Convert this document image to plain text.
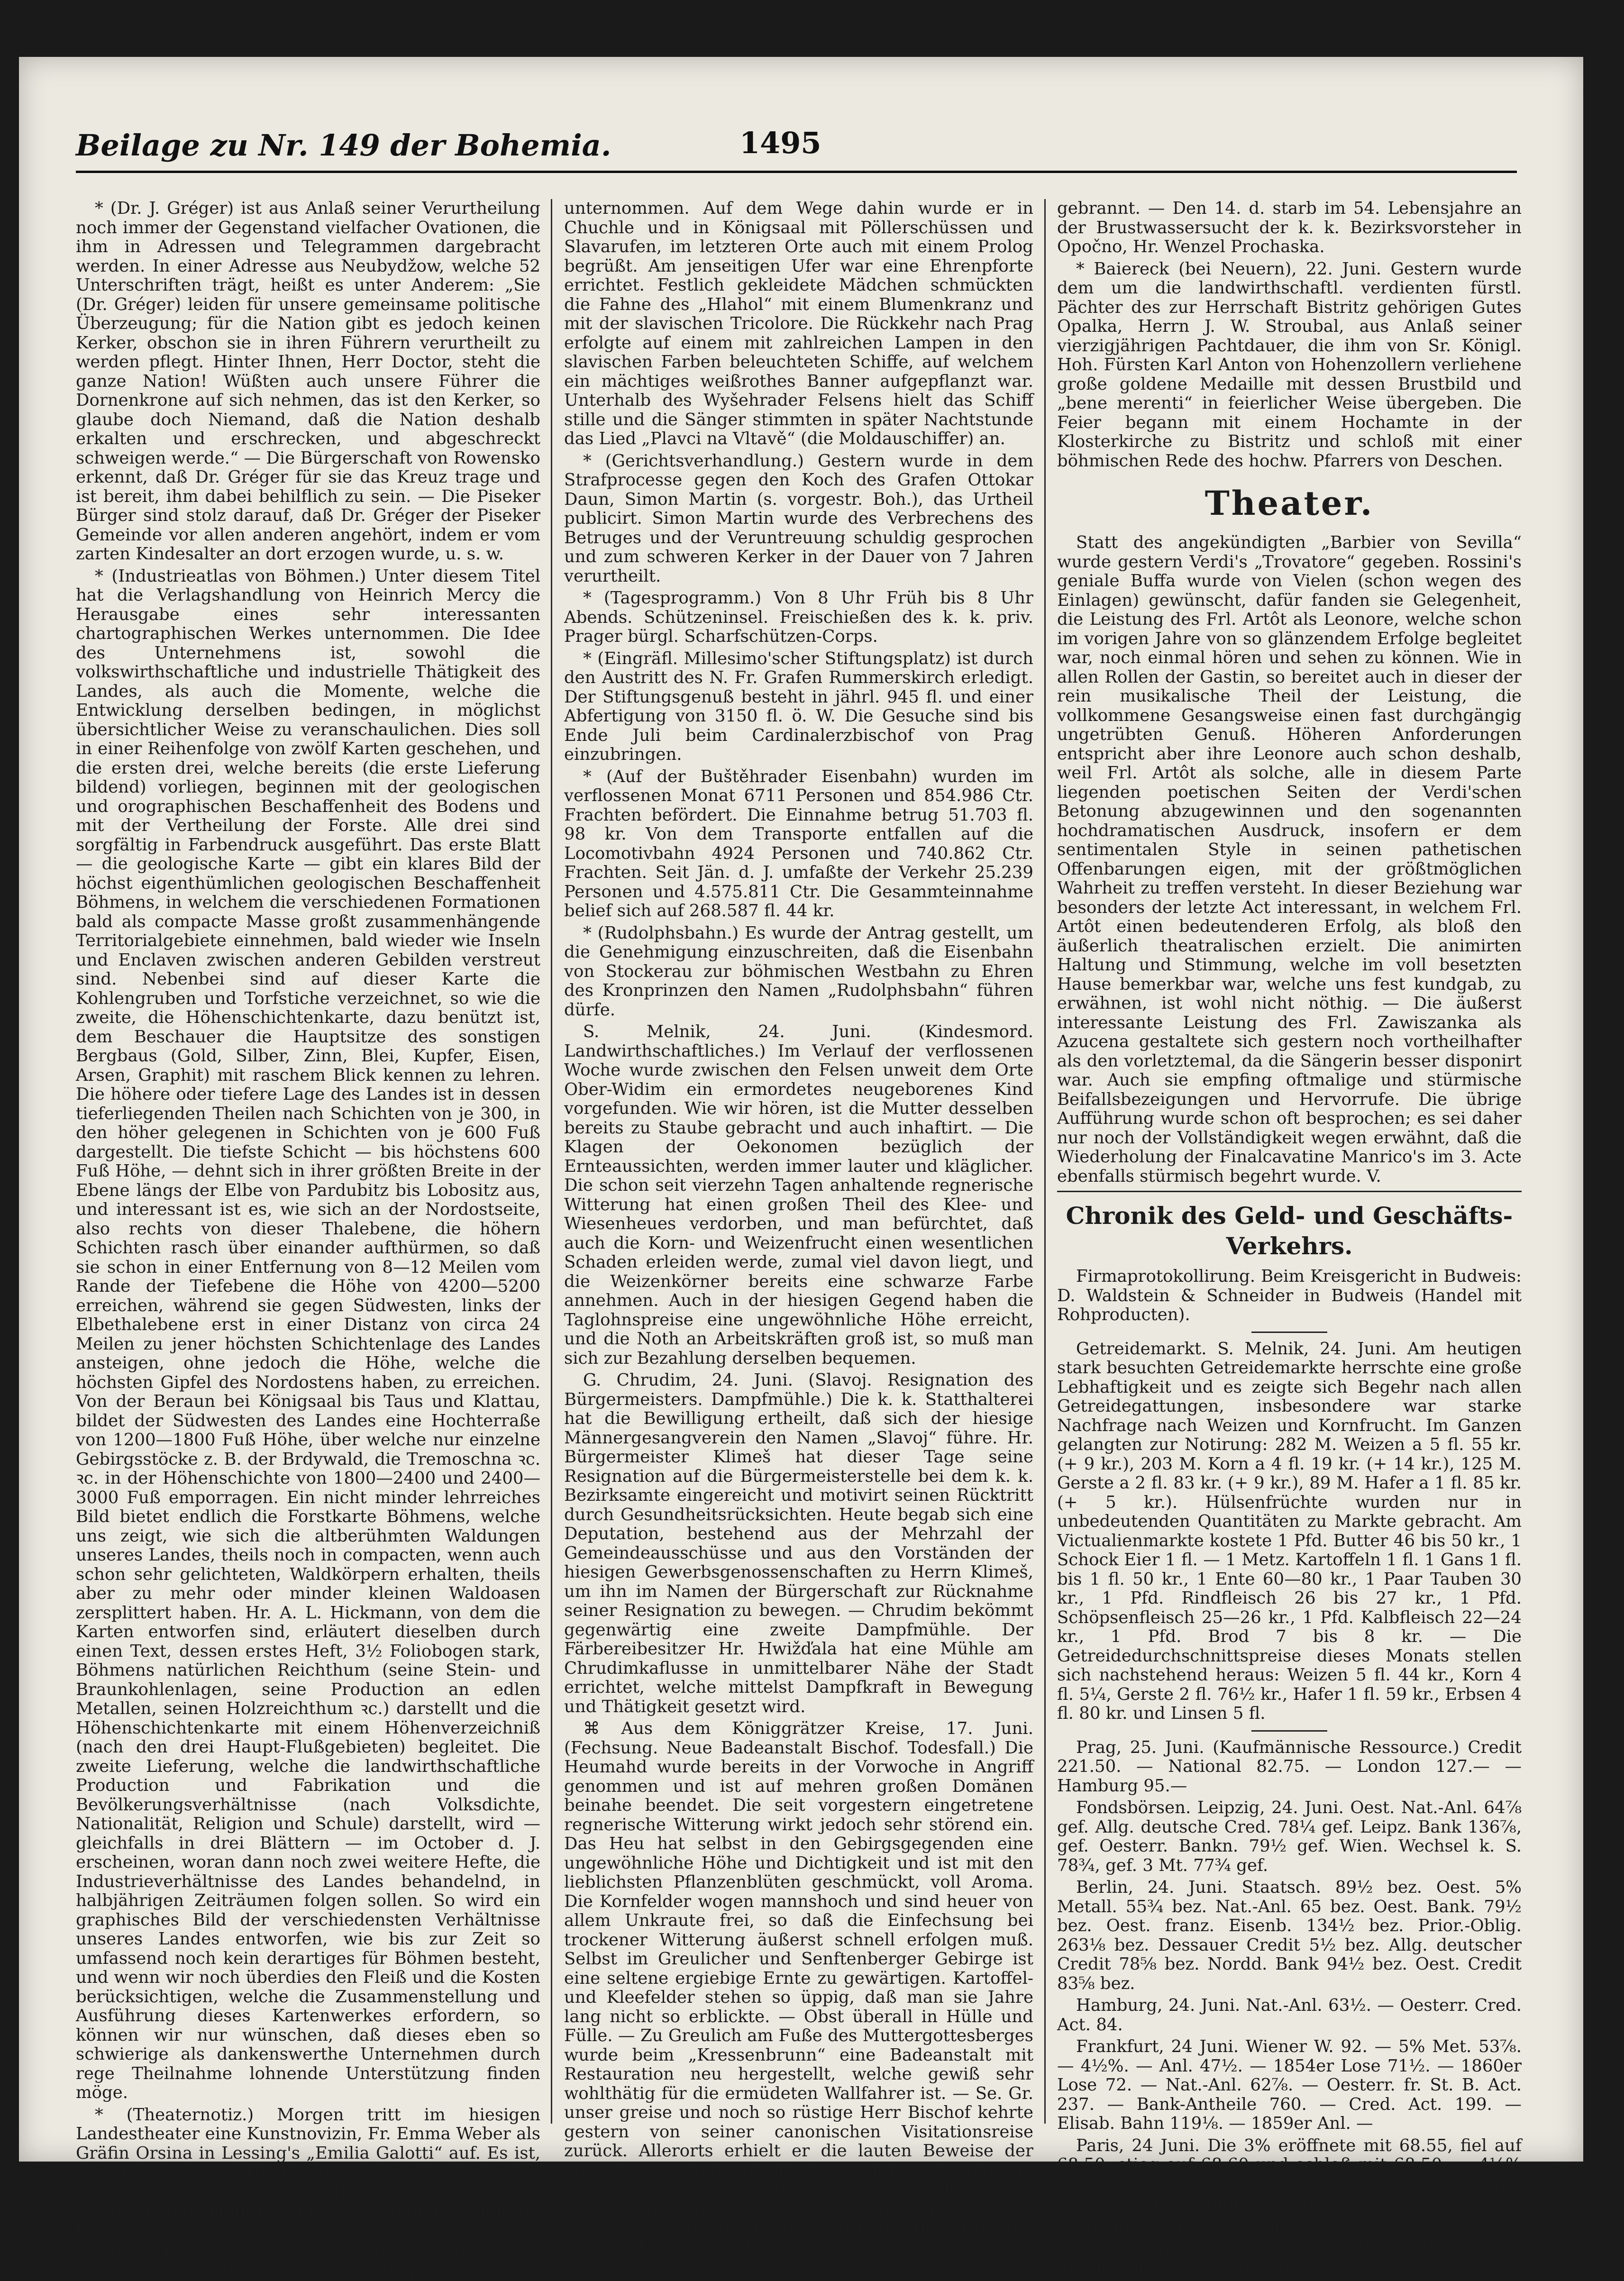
Beilage zu Nr. 149 der Bohemia.	1495

* (Dr. J. Gréger) ist aus Anlaß seiner Verurtheilung noch immer der Gegenstand vielfacher Ovationen, die ihm in Adressen und Telegrammen dargebracht werden. In einer Adresse aus Neubydžow, welche 52 Unterschriften trägt, heißt es unter Anderem: „Sie (Dr. Gréger) leiden für unsere gemeinsame politische Überzeugung; für die Nation gibt es jedoch keinen Kerker, obschon sie in ihren Führern verurtheilt zu werden pflegt. Hinter Ihnen, Herr Doctor, steht die ganze Nation! Wüßten auch unsere Führer die Dornenkrone auf sich nehmen, das ist den Kerker, so glaube doch Niemand, daß die Nation deshalb erkalten und erschrecken, und abgeschreckt schweigen werde.“ — Die Bürgerschaft von Rowensko erkennt, daß Dr. Gréger für sie das Kreuz trage und ist bereit, ihm dabei behilflich zu sein. — Die Piseker Bürger sind stolz darauf, daß Dr. Gréger der Piseker Gemeinde vor allen anderen angehört, indem er vom zarten Kindesalter an dort erzogen wurde, u. s. w.

* (Industrieatlas von Böhmen.) Unter diesem Titel hat die Verlagshandlung von Heinrich Mercy die Herausgabe eines sehr interessanten chartographischen Werkes unternommen. Die Idee des Unternehmens ist, sowohl die volkswirthschaftliche und industrielle Thätigkeit des Landes, als auch die Momente, welche die Entwicklung derselben bedingen, in möglichst übersichtlicher Weise zu veranschaulichen. Dies soll in einer Reihenfolge von zwölf Karten geschehen, und die ersten drei, welche bereits (die erste Lieferung bildend) vorliegen, beginnen mit der geologischen und orographischen Beschaffenheit des Bodens und mit der Vertheilung der Forste. Alle drei sind sorgfältig in Farbendruck ausgeführt. Das erste Blatt — die geologische Karte — gibt ein klares Bild der höchst eigenthümlichen geologischen Beschaffenheit Böhmens, in welchem die verschiedenen Formationen bald als compacte Masse großt zusammenhängende Territorialgebiete einnehmen, bald wieder wie Inseln und Enclaven zwischen anderen Gebilden verstreut sind. Nebenbei sind auf dieser Karte die Kohlengruben und Torfstiche verzeichnet, so wie die zweite, die Höhenschichtenkarte, dazu benützt ist, dem Beschauer die Hauptsitze des sonstigen Bergbaus (Gold, Silber, Zinn, Blei, Kupfer, Eisen, Arsen, Graphit) mit raschem Blick kennen zu lehren. Die höhere oder tiefere Lage des Landes ist in dessen tieferliegenden Theilen nach Schichten von je 300, in den höher gelegenen in Schichten von je 600 Fuß dargestellt. Die tiefste Schicht — bis höchstens 600 Fuß Höhe, — dehnt sich in ihrer größten Breite in der Ebene längs der Elbe von Pardubitz bis Lobositz aus, und interessant ist es, wie sich an der Nordostseite, also rechts von dieser Thalebene, die höhern Schichten rasch über einander aufthürmen, so daß sie schon in einer Entfernung von 8—12 Meilen vom Rande der Tiefebene die Höhe von 4200—5200 erreichen, während sie gegen Südwesten, links der Elbethalebene erst in einer Distanz von circa 24 Meilen zu jener höchsten Schichtenlage des Landes ansteigen, ohne jedoch die Höhe, welche die höchsten Gipfel des Nordostens haben, zu erreichen. Von der Beraun bei Königsaal bis Taus und Klattau, bildet der Südwesten des Landes eine Hochterraße von 1200—1800 Fuß Höhe, über welche nur einzelne Gebirgsstöcke z. B. der Brdywald, die Tremoschna ꝛc. ꝛc. in der Höhenschichte von 1800—2400 und 2400—3000 Fuß emporragen. Ein nicht minder lehrreiches Bild bietet endlich die Forstkarte Böhmens, welche uns zeigt, wie sich die altberühmten Waldungen unseres Landes, theils noch in compacten, wenn auch schon sehr gelichteten, Waldkörpern erhalten, theils aber zu mehr oder minder kleinen Waldoasen zersplittert haben. Hr. A. L. Hickmann, von dem die Karten entworfen sind, erläutert dieselben durch einen Text, dessen erstes Heft, 3½ Foliobogen stark, Böhmens natürlichen Reichthum (seine Stein- und Braunkohlenlagen, seine Production an edlen Metallen, seinen Holzreichthum ꝛc.) darstellt und die Höhenschichtenkarte mit einem Höhenverzeichniß (nach den drei Haupt-Flußgebieten) begleitet. Die zweite Lieferung, welche die landwirthschaftliche Production und Fabrikation und die Bevölkerungsverhältnisse (nach Volksdichte, Nationalität, Religion und Schule) darstellt, wird — gleichfalls in drei Blättern — im October d. J. erscheinen, woran dann noch zwei weitere Hefte, die Industrieverhältnisse des Landes behandelnd, in halbjährigen Zeiträumen folgen sollen. So wird ein graphisches Bild der verschiedensten Verhältnisse unseres Landes entworfen, wie bis zur Zeit so umfassend noch kein derartiges für Böhmen besteht, und wenn wir noch überdies den Fleiß und die Kosten berücksichtigen, welche die Zusammenstellung und Ausführung dieses Kartenwerkes erfordern, so können wir nur wünschen, daß dieses eben so schwierige als dankenswerthe Unternehmen durch rege Theilnahme lohnende Unterstützung finden möge.

* (Theaternotiz.) Morgen tritt im hiesigen Landestheater eine Kunstnovizin, Fr. Emma Weber als Gräfin Orsina in Lessing's „Emilia Galotti“ auf. Es ist, wie man uns mittheilt, ihr erster theatralischer Versuch. Sie wird gegenwärtig nur dieses einemal auftreten und allenfalls im Herbste zu einem längeren Gastspiele nach Prag zurückkehren.

* (Der „Hlahol“) hat am verwichenen Sonntag trotz der ungünstigen Witterung den Ausflug nach Zawist

unternommen. Auf dem Wege dahin wurde er in Chuchle und in Königsaal mit Pöllerschüssen und Slavarufen, im letzteren Orte auch mit einem Prolog begrüßt. Am jenseitigen Ufer war eine Ehrenpforte errichtet. Festlich gekleidete Mädchen schmückten die Fahne des „Hlahol“ mit einem Blumenkranz und mit der slavischen Tricolore. Die Rückkehr nach Prag erfolgte auf einem mit zahlreichen Lampen in den slavischen Farben beleuchteten Schiffe, auf welchem ein mächtiges weißrothes Banner aufgepflanzt war. Unterhalb des Wyšehrader Felsens hielt das Schiff stille und die Sänger stimmten in später Nachtstunde das Lied „Plavci na Vltavě“ (die Moldauschiffer) an.

* (Gerichtsverhandlung.) Gestern wurde in dem Strafprocesse gegen den Koch des Grafen Ottokar Daun, Simon Martin (s. vorgestr. Boh.), das Urtheil publicirt. Simon Martin wurde des Verbrechens des Betruges und der Veruntreuung schuldig gesprochen und zum schweren Kerker in der Dauer von 7 Jahren verurtheilt.

* (Tagesprogramm.) Von 8 Uhr Früh bis 8 Uhr Abends. Schützeninsel. Freischießen des k. k. priv. Prager bürgl. Scharfschützen-Corps.

* (Eingräfl. Millesimo'scher Stiftungsplatz) ist durch den Austritt des N. Fr. Grafen Rummerskirch erledigt. Der Stiftungsgenuß besteht in jährl. 945 fl. und einer Abfertigung von 3150 fl. ö. W. Die Gesuche sind bis Ende Juli beim Cardinalerzbischof von Prag einzubringen.

* (Auf der Buštěhrader Eisenbahn) wurden im verflossenen Monat 6711 Personen und 854.986 Ctr. Frachten befördert. Die Einnahme betrug 51.703 fl. 98 kr. Von dem Transporte entfallen auf die Locomotivbahn 4924 Personen und 740.862 Ctr. Frachten. Seit Jän. d. J. umfaßte der Verkehr 25.239 Personen und 4.575.811 Ctr. Die Gesammteinnahme belief sich auf 268.587 fl. 44 kr.

* (Rudolphsbahn.) Es wurde der Antrag gestellt, um die Genehmigung einzuschreiten, daß die Eisenbahn von Stockerau zur böhmischen Westbahn zu Ehren des Kronprinzen den Namen „Rudolphsbahn“ führen dürfe.

S. Melnik, 24. Juni. (Kindesmord. Landwirthschaftliches.) Im Verlauf der verflossenen Woche wurde zwischen den Felsen unweit dem Orte Ober-Widim ein ermordetes neugeborenes Kind vorgefunden. Wie wir hören, ist die Mutter desselben bereits zu Staube gebracht und auch inhaftirt. — Die Klagen der Oekonomen bezüglich der Ernteaussichten, werden immer lauter und kläglicher. Die schon seit vierzehn Tagen anhaltende regnerische Witterung hat einen großen Theil des Klee- und Wiesenheues verdorben, und man befürchtet, daß auch die Korn- und Weizenfrucht einen wesentlichen Schaden erleiden werde, zumal viel davon liegt, und die Weizenkörner bereits eine schwarze Farbe annehmen. Auch in der hiesigen Gegend haben die Taglohnspreise eine ungewöhnliche Höhe erreicht, und die Noth an Arbeitskräften groß ist, so muß man sich zur Bezahlung derselben bequemen.

G. Chrudim, 24. Juni. (Slavoj. Resignation des Bürgermeisters. Dampfmühle.) Die k. k. Statthalterei hat die Bewilligung ertheilt, daß sich der hiesige Männergesangverein den Namen „Slavoj“ führe. Hr. Bürgermeister Klimeš hat dieser Tage seine Resignation auf die Bürgermeisterstelle bei dem k. k. Bezirksamte eingereicht und motivirt seinen Rücktritt durch Gesundheitsrücksichten. Heute begab sich eine Deputation, bestehend aus der Mehrzahl der Gemeindeausschüsse und aus den Vorständen der hiesigen Gewerbsgenossenschaften zu Herrn Klimeš, um ihn im Namen der Bürgerschaft zur Rücknahme seiner Resignation zu bewegen. — Chrudim bekömmt gegenwärtig eine zweite Dampfmühle. Der Färbereibesitzer Hr. Hwižďala hat eine Mühle am Chrudimkaflusse in unmittelbarer Nähe der Stadt errichtet, welche mittelst Dampfkraft in Bewegung und Thätigkeit gesetzt wird.

⌘ Aus dem Königgrätzer Kreise, 17. Juni. (Fechsung. Neue Badeanstalt Bischof. Todesfall.) Die Heumahd wurde bereits in der Vorwoche in Angriff genommen und ist auf mehren großen Domänen beinahe beendet. Die seit vorgestern eingetretene regnerische Witterung wirkt jedoch sehr störend ein. Das Heu hat selbst in den Gebirgsgegenden eine ungewöhnliche Höhe und Dichtigkeit und ist mit den lieblichsten Pflanzenblüten geschmückt, voll Aroma. Die Kornfelder wogen mannshoch und sind heuer von allem Unkraute frei, so daß die Einfechsung bei trockener Witterung äußerst schnell erfolgen muß. Selbst im Greulicher und Senftenberger Gebirge ist eine seltene ergiebige Ernte zu gewärtigen. Kartoffel- und Kleefelder stehen so üppig, daß man sie Jahre lang nicht so erblickte. — Obst überall in Hülle und Fülle. — Zu Greulich am Fuße des Muttergottesberges wurde beim „Kressenbrunn“ eine Badeanstalt mit Restauration neu hergestellt, welche gewiß sehr wohlthätig für die ermüdeten Wallfahrer ist. — Se. Gr. unser greise und noch so rüstige Herr Bischof kehrte gestern von seiner canonischen Visitationsreise zurück. Allerorts erhielt er die lauten Beweise der innigsten Anhänglichkeit und Verehrung. Gesangsvereine brachten ihm Ständchen dar, Illuminationen fanden statt, Transparente prangten im Farbenglanz, in der Festung Josephstadt wurde ein schönes Feuerwerk ab-

gebrannt. — Den 14. d. starb im 54. Lebensjahre an der Brustwassersucht der k. k. Bezirksvorsteher in Opočno, Hr. Wenzel Prochaska.

* Baiereck (bei Neuern), 22. Juni. Gestern wurde dem um die landwirthschaftl. verdienten fürstl. Pächter des zur Herrschaft Bistritz gehörigen Gutes Opalka, Herrn J. W. Stroubal, aus Anlaß seiner vierzigjährigen Pachtdauer, die ihm von Sr. Königl. Hoh. Fürsten Karl Anton von Hohenzollern verliehene große goldene Medaille mit dessen Brustbild und „bene merenti“ in feierlicher Weise übergeben. Die Feier begann mit einem Hochamte in der Klosterkirche zu Bistritz und schloß mit einer böhmischen Rede des hochw. Pfarrers von Deschen.

Theater.

Statt des angekündigten „Barbier von Sevilla“ wurde gestern Verdi's „Trovatore“ gegeben. Rossini's geniale Buffa wurde von Vielen (schon wegen des Einlagen) gewünscht, dafür fanden sie Gelegenheit, die Leistung des Frl. Artôt als Leonore, welche schon im vorigen Jahre von so glänzendem Erfolge begleitet war, noch einmal hören und sehen zu können. Wie in allen Rollen der Gastin, so bereitet auch in dieser der rein musikalische Theil der Leistung, die vollkommene Gesangsweise einen fast durchgängig ungetrübten Genuß. Höheren Anforderungen entspricht aber ihre Leonore auch schon deshalb, weil Frl. Artôt als solche, alle in diesem Parte liegenden poetischen Seiten der Verdi'schen Betonung abzugewinnen und den sogenannten hochdramatischen Ausdruck, insofern er dem sentimentalen Style in seinen pathetischen Offenbarungen eigen, mit der größtmöglichen Wahrheit zu treffen versteht. In dieser Beziehung war besonders der letzte Act interessant, in welchem Frl. Artôt einen bedeutenderen Erfolg, als bloß den äußerlich theatralischen erzielt. Die animirten Haltung und Stimmung, welche im voll besetzten Hause bemerkbar war, welche uns fest kundgab, zu erwähnen, ist wohl nicht nöthig. — Die äußerst interessante Leistung des Frl. Zawiszanka als Azucena gestaltete sich gestern noch vortheilhafter als den vorletztemal, da die Sängerin besser disponirt war. Auch sie empfing oftmalige und stürmische Beifallsbezeigungen und Hervorrufe. Die übrige Aufführung wurde schon oft besprochen; es sei daher nur noch der Vollständigkeit wegen erwähnt, daß die Wiederholung der Finalcavatine Manrico's im 3. Acte ebenfalls stürmisch begehrt wurde. V.

Chronik des Geld- und Geschäfts-Verkehrs.

Firmaprotokollirung. Beim Kreisgericht in Budweis: D. Waldstein & Schneider in Budweis (Handel mit Rohproducten).

Getreidemarkt. S. Melnik, 24. Juni. Am heutigen stark besuchten Getreidemarkte herrschte eine große Lebhaftigkeit und es zeigte sich Begehr nach allen Getreidegattungen, insbesondere war starke Nachfrage nach Weizen und Kornfrucht. Im Ganzen gelangten zur Notirung: 282 M. Weizen a 5 fl. 55 kr. (+ 9 kr.), 203 M. Korn a 4 fl. 19 kr. (+ 14 kr.), 125 M. Gerste a 2 fl. 83 kr. (+ 9 kr.), 89 M. Hafer a 1 fl. 85 kr. (+ 5 kr.). Hülsenfrüchte wurden nur in unbedeutenden Quantitäten zu Markte gebracht. Am Victualienmarkte kostete 1 Pfd. Butter 46 bis 50 kr., 1 Schock Eier 1 fl. — 1 Metz. Kartoffeln 1 fl. 1 Gans 1 fl. bis 1 fl. 50 kr., 1 Ente 60—80 kr., 1 Paar Tauben 30 kr., 1 Pfd. Rindfleisch 26 bis 27 kr., 1 Pfd. Schöpsenfleisch 25—26 kr., 1 Pfd. Kalbfleisch 22—24 kr., 1 Pfd. Brod 7 bis 8 kr. — Die Getreidedurchschnittspreise dieses Monats stellen sich nachstehend heraus: Weizen 5 fl. 44 kr., Korn 4 fl. 5¼, Gerste 2 fl. 76½ kr., Hafer 1 fl. 59 kr., Erbsen 4 fl. 80 kr. und Linsen 5 fl.

Prag, 25. Juni. (Kaufmännische Ressource.) Credit 221.50. — National 82.75. — London 127.— — Hamburg 95.—

Fondsbörsen. Leipzig, 24. Juni. Oest. Nat.-Anl. 64⅞ gef. Allg. deutsche Cred. 78¼ gef. Leipz. Bank 136⅞, gef. Oesterr. Bankn. 79½ gef. Wien. Wechsel k. S. 78¾, gef. 3 Mt. 77¾ gef.

Berlin, 24. Juni. Staatsch. 89½ bez. Oest. 5% Metall. 55¾ bez. Nat.-Anl. 65 bez. Oest. Bank. 79½ bez. Oest. franz. Eisenb. 134½ bez. Prior.-Oblig. 263⅛ bez. Dessauer Credit 5½ bez. Allg. deutscher Credit 78⅝ bez. Nordd. Bank 94½ bez. Oest. Credit 83⅝ bez.

Hamburg, 24. Juni. Nat.-Anl. 63½. — Oesterr. Cred. Act. 84.

Frankfurt, 24 Juni. Wiener W. 92. — 5% Met. 53⅞. — 4½%. — Anl. 47½. — 1854er Lose 71½. — 1860er Lose 72. — Nat.-Anl. 62⅞. — Oesterr. fr. St. B. Act. 237. — Bank-Antheile 760. — Cred. Act. 199. — Elisab. Bahn 119⅛. — 1859er Anl. —

Paris, 24 Juni. Die 3% eröffnete mit 68.55, fiel auf 68.50, stieg auf 68.60 und schloß mit 68.50. — 4½% 96.65. — Oesterr. fr. St. B. Act. 515. — Cred. mob. 857. — Lomb. Eisenb. Act. 616.

London, 24 Juni. Consols 91⅞.

Amsterdam, 24. Juni. Oesterr. Nat.-Anl. 60⅞. — 5% Metall. Lit. B. — 5% Metall. 51⅞.
